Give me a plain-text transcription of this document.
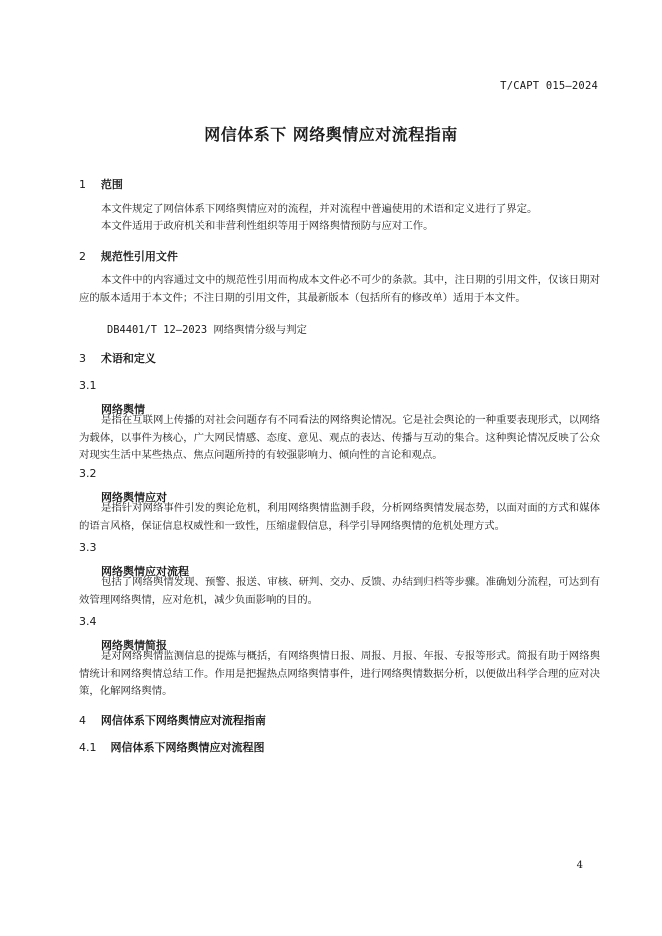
T/CAPT 015—2024
网信体系下 网络舆情应对流程指南
1 范围
本文件规定了网信体系下网络舆情应对的流程，并对流程中普遍使用的术语和定义进行了界定。
本文件适用于政府机关和非营利性组织等用于网络舆情预防与应对工作。
2 规范性引用文件
本文件中的内容通过文中的规范性引用而构成本文件必不可少的条款。其中，注日期的引用文件，仅该日期对应的版本适用于本文件；不注日期的引用文件，其最新版本（包括所有的修改单）适用于本文件。
DB4401/T 12—2023 网络舆情分级与判定
3 术语和定义
3.1
网络舆情
是指在互联网上传播的对社会问题存有不同看法的网络舆论情况。它是社会舆论的一种重要表现形式，以网络为载体，以事件为核心，广大网民情感、态度、意见、观点的表达、传播与互动的集合。这种舆论情况反映了公众对现实生活中某些热点、焦点问题所持的有较强影响力、倾向性的言论和观点。
3.2
网络舆情应对
是指针对网络事件引发的舆论危机，利用网络舆情监测手段，分析网络舆情发展态势，以面对面的方式和媒体的语言风格，保证信息权威性和一致性，压缩虚假信息，科学引导网络舆情的危机处理方式。
3.3
网络舆情应对流程
包括了网络舆情发现、预警、报送、审核、研判、交办、反馈、办结到归档等步骤。准确划分流程，可达到有效管理网络舆情，应对危机，减少负面影响的目的。
3.4
网络舆情简报
是对网络舆情监测信息的提炼与概括，有网络舆情日报、周报、月报、年报、专报等形式。简报有助于网络舆情统计和网络舆情总结工作。作用是把握热点网络舆情事件，进行网络舆情数据分析，以便做出科学合理的应对决策，化解网络舆情。
4 网信体系下网络舆情应对流程指南
4.1 网信体系下网络舆情应对流程图
4
